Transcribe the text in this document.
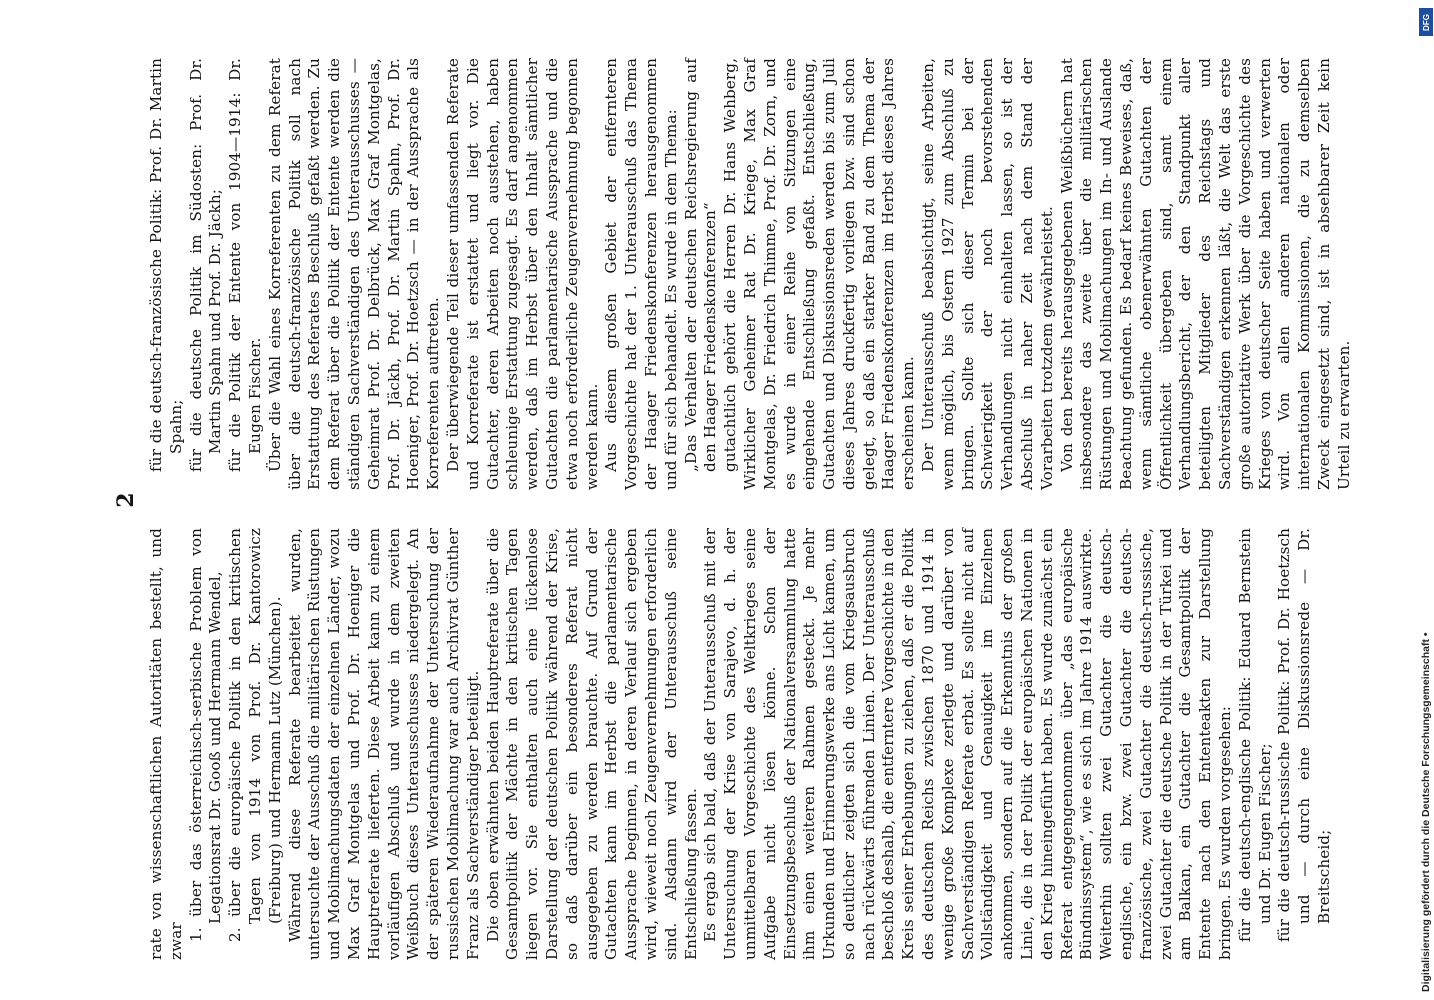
2

rate von wissenschaftlichen Autoritäten bestellt, und zwar 1. über das österreichisch-serbische Problem von Legationsrat Dr. Gooß und Hermann Wendel, 2. über die europäische Politik in den kritischen Tagen von 1914 von Prof. Dr. Kantorowicz (Freiburg) und Hermann Lutz (München). Während diese Referate bearbeitet wurden, untersuchte der Ausschuß die militärischen Rüstungen und Mobilmachungsdaten der einzelnen Länder, wozu Max Graf Montgelas und Prof. Dr. Hoeniger die Hauptreferate lieferten. Diese Arbeit kann zu einem vorläufigen Abschluß und wurde in dem zweiten Weißbuch dieses Unterausschusses niedergelegt. An der späteren Wiederaufnahme der Untersuchung der russischen Mobilmachung war auch Archivrat Günther Franz als Sachverständiger beteiligt. Die oben erwähnten beiden Hauptreferate über die Gesamtpolitik der Mächte in den kritischen Tagen liegen vor. Sie enthalten auch eine lückenlose Darstellung der deutschen Politik während der Krise, so daß darüber ein besonderes Referat nicht ausgegeben zu werden brauchte. Auf Grund der Gutachten kann im Herbst die parlamentarische Aussprache beginnen, in deren Verlauf sich ergeben wird, wieweit noch Zeugenvernehmungen erforderlich sind. Alsdann wird der Unterausschuß seine Entschließung fassen. Es ergab sich bald, daß der Unterausschuß mit der Untersuchung der Krise von Sarajevo, d. h. der unmittelbaren Vorgeschichte des Weltkrieges seine Aufgabe nicht lösen könne. Schon der Einsetzungsbeschluß der Nationalversammlung hatte ihm einen weiteren Rahmen gesteckt. Je mehr Urkunden und Erinnerungswerke ans Licht kamen, um so deutlicher zeigten sich die vom Kriegsausbruch nach rückwärts führenden Linien. Der Unterausschuß beschloß deshalb, die entferntere Vorgeschichte in den Kreis seiner Erhebungen zu ziehen, daß er die Politik des deutschen Reichs zwischen 1870 und 1914 in wenige große Komplexe zerlegte und darüber von Sachverständigen Referate erbat. Es sollte nicht auf Vollständigkeit und Genauigkeit im Einzelnen ankommen, sondern auf die Erkenntnis der großen Linie, die in der Politik der europäischen Nationen in den Krieg hineingeführt haben. Es wurde zunächst ein Referat entgegengenommen über „das europäische Bündnissystem“, wie es sich im Jahre 1914 auswirkte. Weiterhin sollten zwei Gutachter die deutsch-englische, ein bzw. zwei Gutachter die deutsch-französische, zwei Gutachter die deutsch-russische, zwei Gutachter die deutsche Politik in der Türkei und am Balkan, ein Gutachter die Gesamtpolitik der Entente nach den Ententeakten zur Darstellung bringen. Es wurden vorgesehen: für die deutsch-englische Politik: Eduard Bernstein und Dr. Eugen Fischer; für die deutsch-russische Politik: Prof. Dr. Hoetzsch und — durch eine Diskussionsrede — Dr. Breitscheid;

für die deutsch-französische Politik: Prof. Dr. Martin Spahn; für die deutsche Politik im Südosten: Prof. Dr. Martin Spahn und Prof. Dr. Jäckh; für die Politik der Entente von 1904—1914: Dr. Eugen Fischer. Über die Wahl eines Korreferenten zu dem Referat über die deutsch-französische Politik soll nach Erstattung des Referates Beschluß gefaßt werden. Zu dem Referat über die Politik der Entente werden die ständigen Sachverständigen des Unterausschusses — Geheimrat Prof. Dr. Delbrück, Max Graf Montgelas, Prof. Dr. Jäckh, Prof. Dr. Martin Spahn, Prof. Dr. Hoeniger, Prof. Dr. Hoetzsch — in der Aussprache als Korreferenten auftreten. Der überwiegende Teil dieser umfassenden Referate und Korreferate ist erstattet und liegt vor. Die Gutachter, deren Arbeiten noch ausstehen, haben schleunige Erstattung zugesagt. Es darf angenommen werden, daß im Herbst über den Inhalt sämtlicher Gutachten die parlamentarische Aussprache und die etwa noch erforderliche Zeugenvernehmung begonnen werden kann. Aus diesem großen Gebiet der entfernteren Vorgeschichte hat der 1. Unterausschuß das Thema der Haager Friedenskonferenzen herausgenommen und für sich behandelt. Es wurde in dem Thema: „Das Verhalten der deutschen Reichsregierung auf den Haager Friedenskonferenzen“ gutachtlich gehört die Herren Dr. Hans Wehberg, Wirklicher Geheimer Rat Dr. Kriege, Max Graf Montgelas, Dr. Friedrich Thimme, Prof. Dr. Zorn, und es wurde in einer Reihe von Sitzungen eine eingehende Entschließung gefaßt. Entschließung, Gutachten und Diskussionsreden werden bis zum Juli dieses Jahres druckfertig vorliegen bzw. sind schon gelegt, so daß ein starker Band zu dem Thema der Haager Friedenskonferenzen im Herbst dieses Jahres erscheinen kann. Der Unterausschuß beabsichtigt, seine Arbeiten, wenn möglich, bis Ostern 1927 zum Abschluß zu bringen. Sollte sich dieser Termin bei der Schwierigkeit der noch bevorstehenden Verhandlungen nicht einhalten lassen, so ist der Abschluß in naher Zeit nach dem Stand der Vorarbeiten trotzdem gewährleistet. Von den bereits herausgegebenen Weißbüchern hat insbesondere das zweite über die militärischen Rüstungen und Mobilmachungen im In- und Auslande Beachtung gefunden. Es bedarf keines Beweises, daß, wenn sämtliche obenerwähnten Gutachten der Öffentlichkeit übergeben sind, samt einem Verhandlungsbericht, der den Standpunkt aller beteiligten Mitglieder des Reichstags und Sachverständigen erkennen läßt, die Welt das erste große autoritative Werk über die Vorgeschichte des Krieges von deutscher Seite haben und verwerten wird. Von allen anderen nationalen oder internationalen Kommissionen, die zu demselben Zweck eingesetzt sind, ist in absehbarer Zeit kein Urteil zu erwarten.

DFG
Digitalisierung gefördert durch die Deutsche Forschungsgemeinschaft •
